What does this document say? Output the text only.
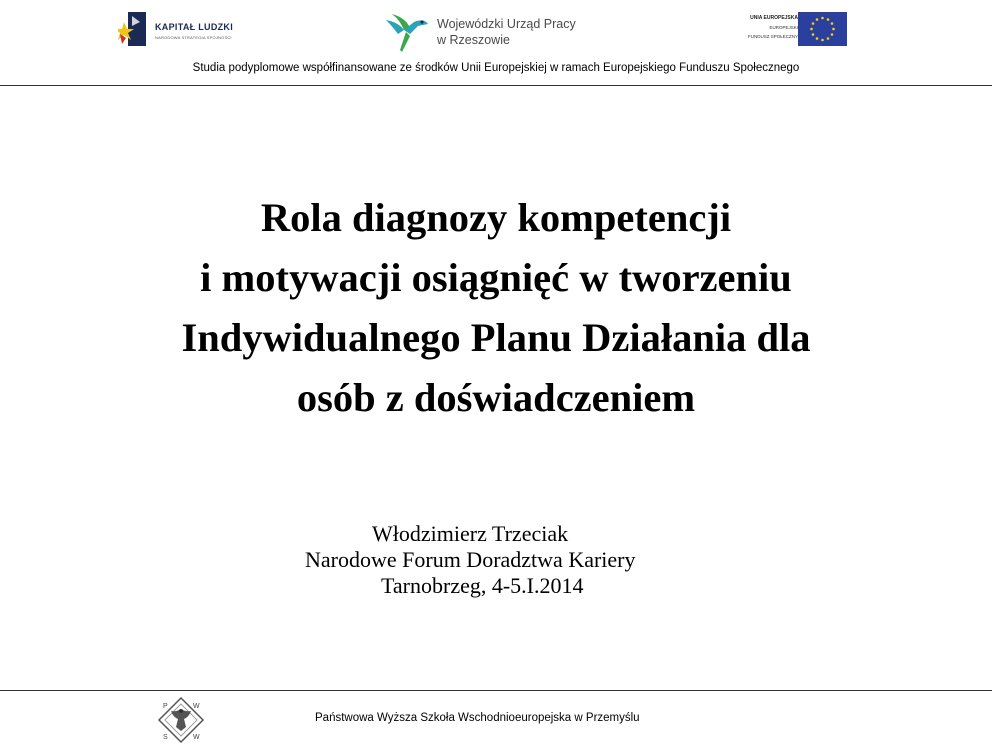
KAPITAŁ LUDZKI
NARODOWA STRATEGIA SPÓJNOŚCI
Wojewódzki Urząd Pracy
w Rzeszowie
UNIA EUROPEJSKA
EUROPEJSKI
FUNDUSZ SPOŁECZNY
Studia podyplomowe współfinansowane ze środków Unii Europejskiej w ramach Europejskiego Funduszu Społecznego
Rola diagnozy kompetencji
i motywacji osiągnięć w tworzeniu
Indywidualnego Planu Działania dla
osób z doświadczeniem
Włodzimierz Trzeciak
Narodowe Forum Doradztwa Kariery
Tarnobrzeg, 4-5.I.2014
P	W
S	W
Państwowa Wyższa Szkoła Wschodnioeuropejska w Przemyślu
